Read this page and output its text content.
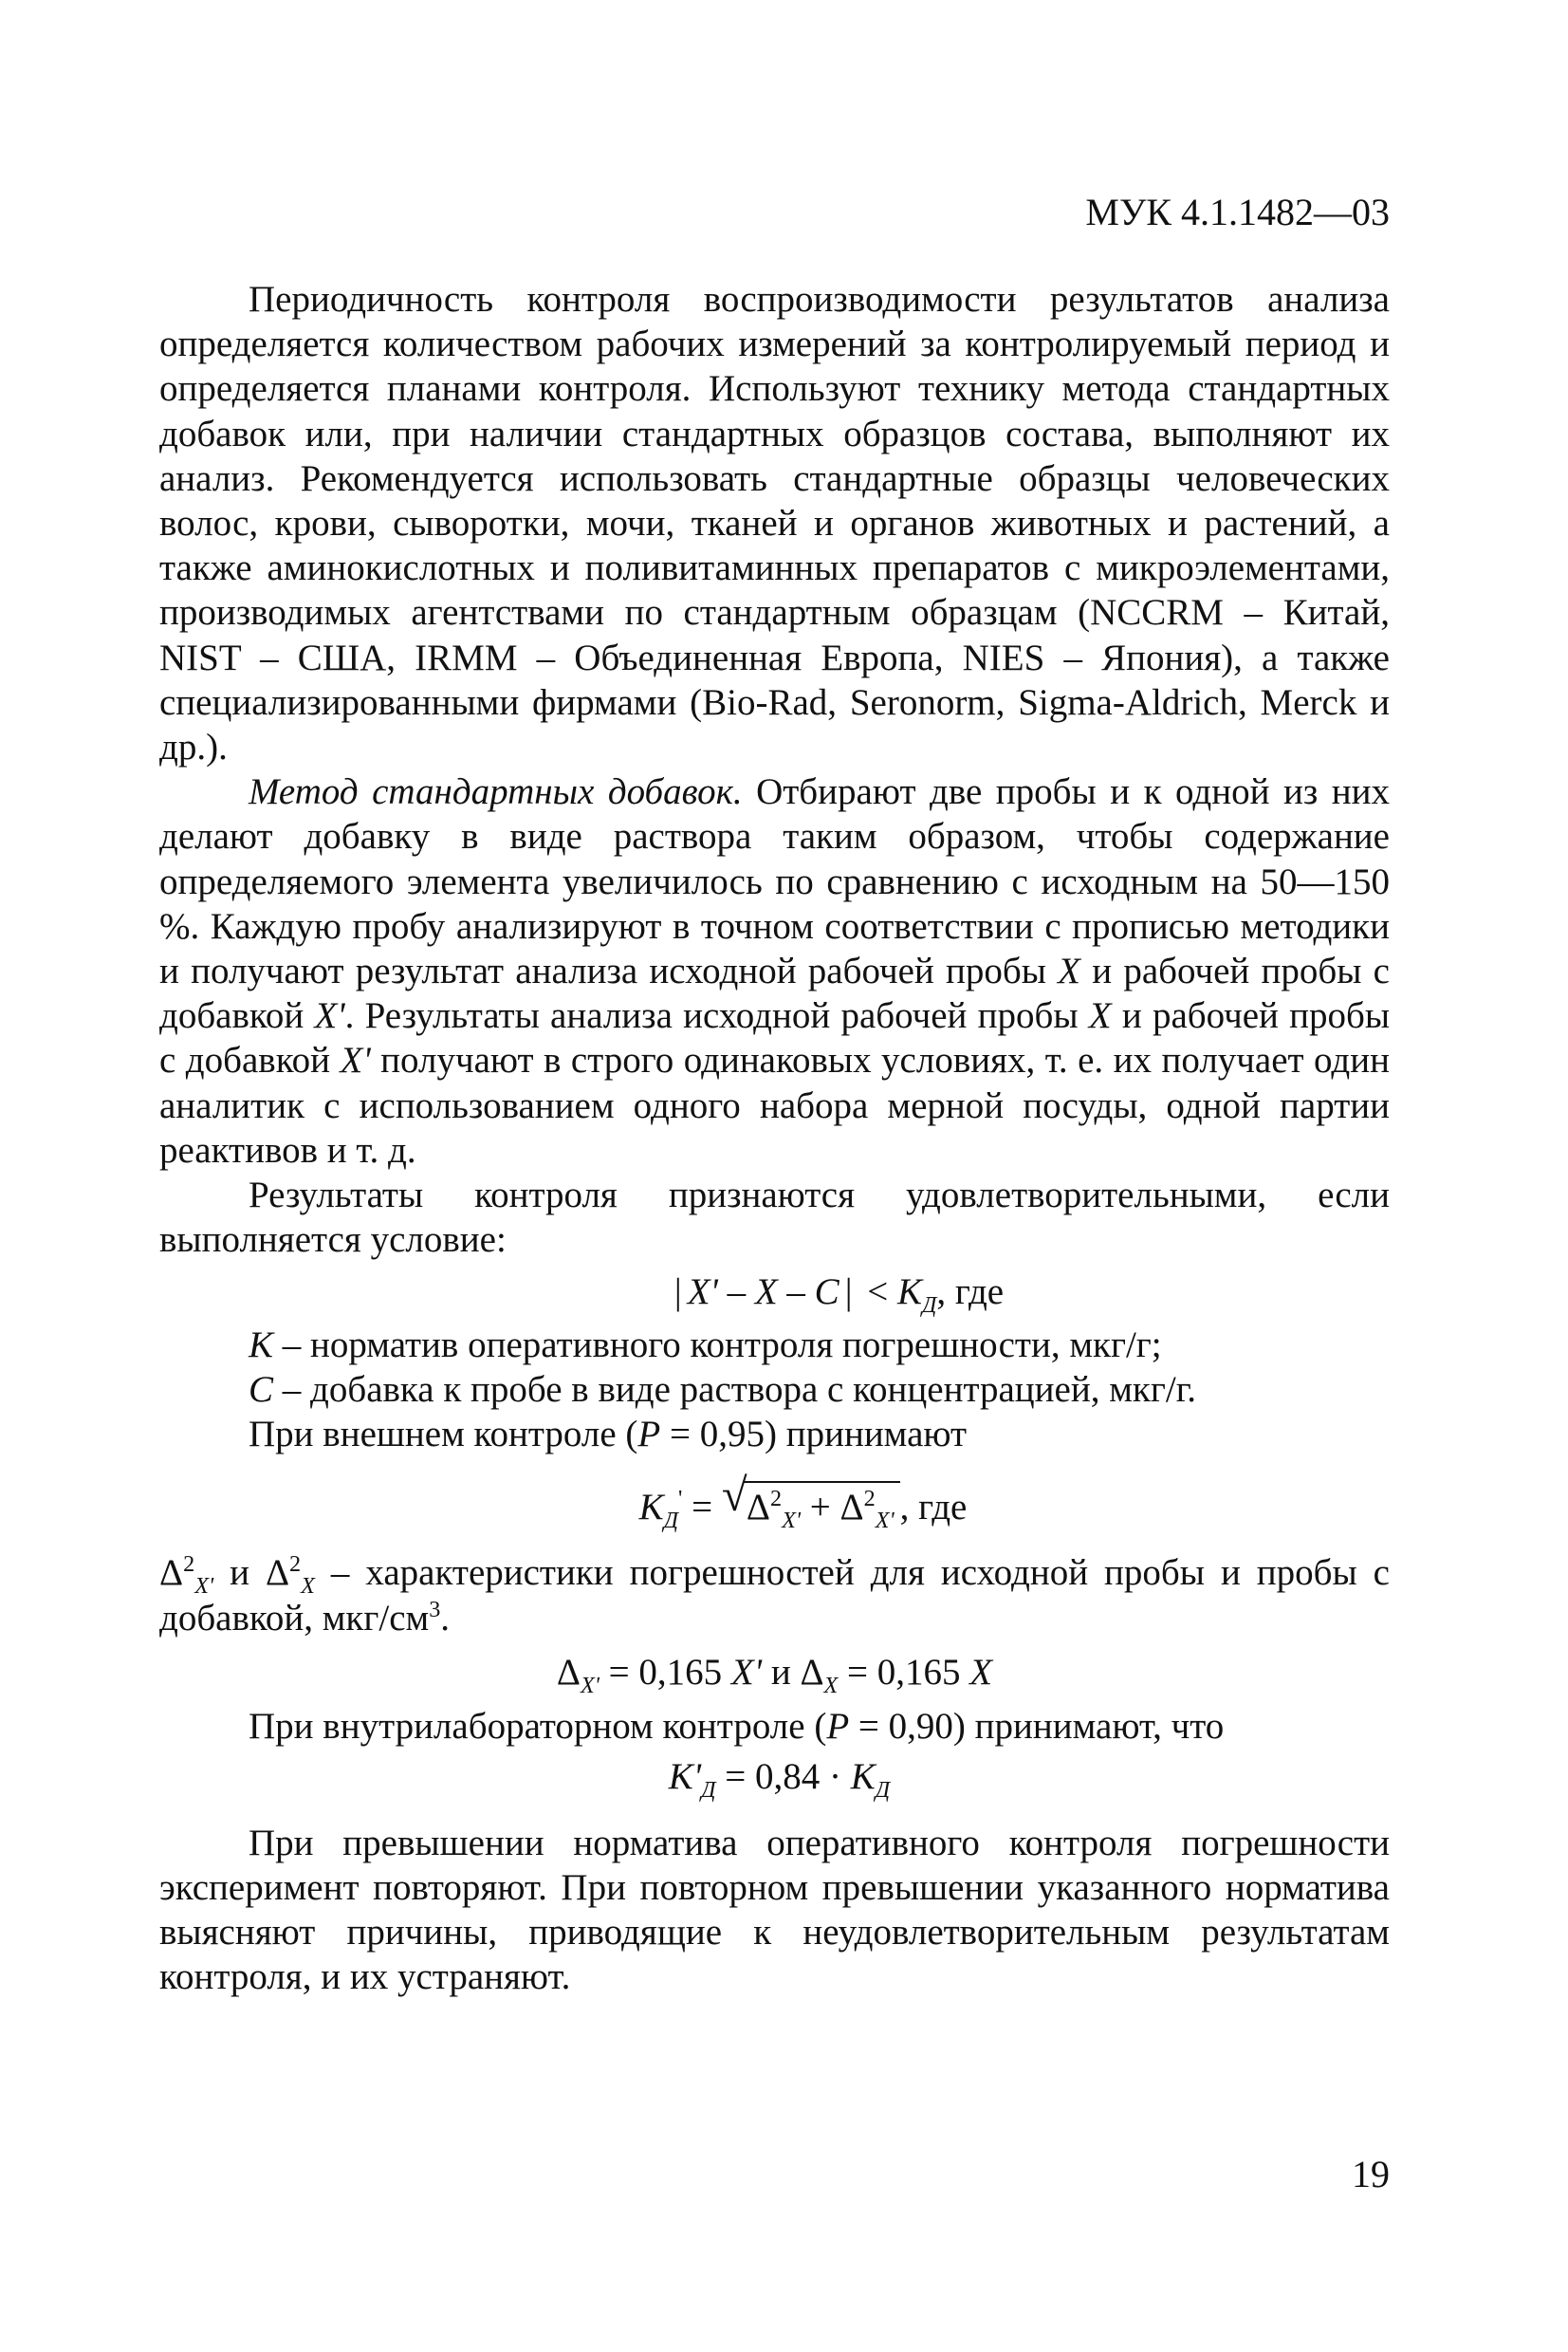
МУК 4.1.1482—03

Периодичность контроля воспроизводимости результатов анализа определяется количеством рабочих измерений за контролируемый период и определяется планами контроля. Используют технику метода стандартных добавок или, при наличии стандартных образцов состава, выполняют их анализ. Рекомендуется использовать стандартные образцы человеческих волос, крови, сыворотки, мочи, тканей и органов животных и растений, а также аминокислотных и поливитаминных препаратов с микроэлементами, производимых агентствами по стандартным образцам (NCCRM – Китай, NIST – США, IRMM – Объединенная Европа, NIES – Япония), а также специализированными фирмами (Bio-Rad, Seronorm, Sigma-Aldrich, Merck и др.).

Метод стандартных добавок. Отбирают две пробы и к одной из них делают добавку в виде раствора таким образом, чтобы содержание определяемого элемента увеличилось по сравнению с исходным на 50—150 %. Каждую пробу анализируют в точном соответствии с прописью методики и получают результат анализа исходной рабочей пробы X и рабочей пробы с добавкой X'. Результаты анализа исходной рабочей пробы X и рабочей пробы с добавкой X' получают в строго одинаковых условиях, т. е. их получает один аналитик с использованием одного набора мерной посуды, одной партии реактивов и т. д.

Результаты контроля признаются удовлетворительными, если выполняется условие:

| X' – X – C | < $K_Д$, где

K – норматив оперативного контроля погрешности, мкг/г;

C – добавка к пробе в виде раствора с концентрацией, мкг/г.

При внешнем контроле (P = 0,95) принимают

$K_Д'$ = √ $\Delta^2_{X'} + \Delta^2_{X'}$ , где

$\Delta^2_{X'}$ и $\Delta^2_X$ – характеристики погрешностей для исходной пробы и пробы с добавкой, мкг/$см^3$.

$\Delta_{X'} = 0,165$ X' и $\Delta_X = 0,165$ X

При внутрилабораторном контроле (P = 0,90) принимают, что

$K'_Д = 0,84 \cdot K_Д$

При превышении норматива оперативного контроля погрешности эксперимент повторяют. При повторном превышении указанного норматива выясняют причины, приводящие к неудовлетворительным результатам контроля, и их устраняют.

19
